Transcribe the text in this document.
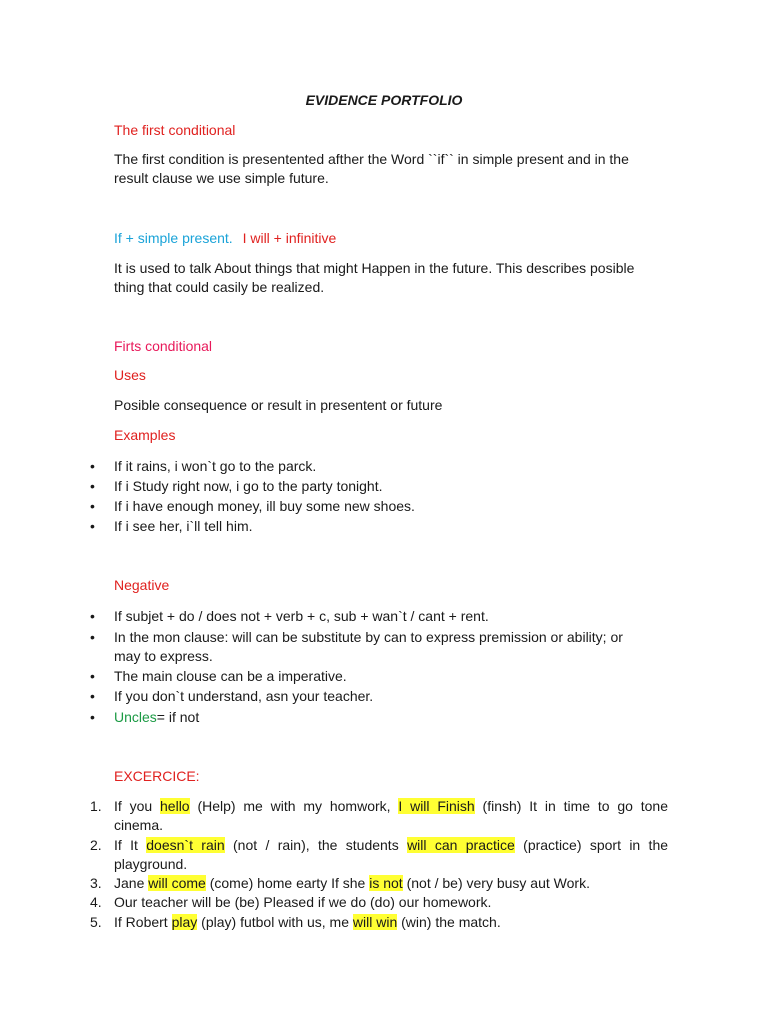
EVIDENCE PORTFOLIO
The first conditional
The first condition is presentented afther the Word ``if`` in simple present and in the
result clause we use simple future.
If + simple present. I will + infinitive
It is used to talk About things that might Happen in the future. This describes posible
thing that could casily be realized.
Firts conditional
Uses
Posible consequence or result in presentent or future
Examples
• If it rains, i won`t go to the parck.
• If i Study right now, i go to the party tonight.
• If i have enough money, ill buy some new shoes.
• If i see her, i`ll tell him.
Negative
• If subjet + do / does not + verb + c, sub + wan`t / cant + rent.
• In the mon clause: will can be substitute by can to express premission or ability; or
may to express.
• The main clouse can be a imperative.
• If you don`t understand, asn your teacher.
• Uncles= if not
EXCERCICE:
1. If you hello (Help) me with my homwork, I will Finish (finsh) It in time to go tone
cinema.
2. If It doesn`t rain (not / rain), the students will can practice (practice) sport in the
playground.
3. Jane will come (come) home earty If she is not (not / be) very busy aut Work.
4. Our teacher will be (be) Pleased if we do (do) our homework.
5. If Robert play (play) futbol with us, me will win (win) the match.
